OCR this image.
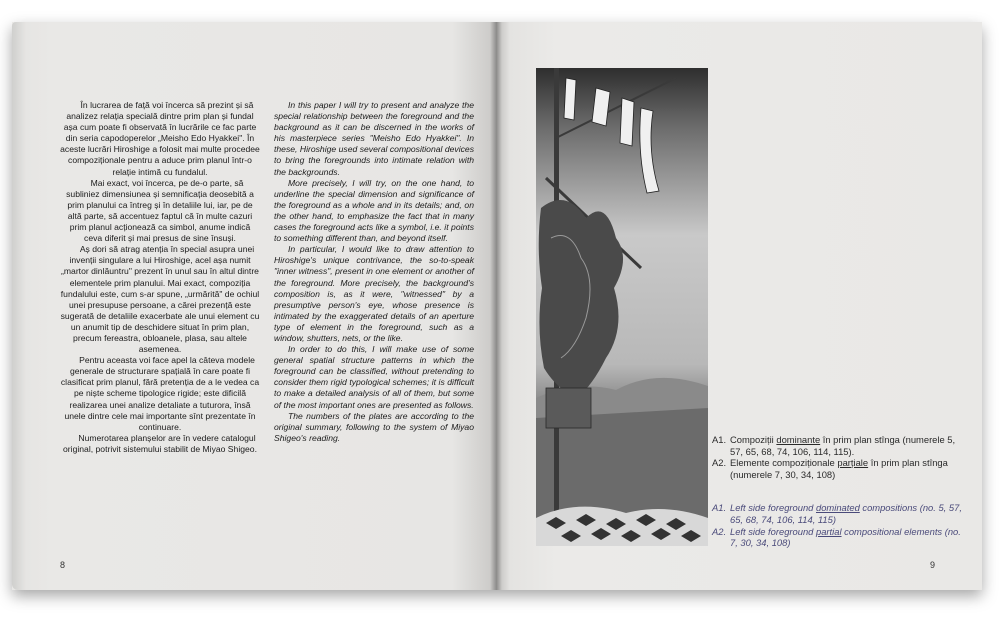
În lucrarea de față voi încerca să prezint și să analizez relația specială dintre prim plan și fundal așa cum poate fi observată în lucrările ce fac parte din seria capodoperelor „Meisho Edo Hyakkei". În aceste lucrări Hiroshige a folosit mai multe procedee compoziționale pentru a aduce prim planul într-o relație intimă cu fundalul.

Mai exact, voi încerca, pe de-o parte, să subliniez dimensiunea și semnificația deosebită a prim planului ca întreg și în detaliile lui, iar, pe de altă parte, să accentuez faptul că în multe cazuri prim planul acționează ca simbol, anume indică ceva diferit și mai presus de sine însuși.

Aș dori să atrag atenția în special asupra unei invenții singulare a lui Hiroshige, acel așa numit „martor dinlăuntru" prezent în unul sau în altul dintre elementele prim planului. Mai exact, compoziția fundalului este, cum s-ar spune, „urmărită" de ochiul unei presupuse persoane, a cărei prezență este sugerată de detaliile exacerbate ale unui element cu un anumit tip de deschidere situat în prim plan, precum fereastra, obloanele, plasa, sau altele asemenea.

Pentru aceasta voi face apel la câteva modele generale de structurare spațială în care poate fi clasificat prim planul, fără pretenția de a le vedea ca pe niște scheme tipologice rigide; este dificilă realizarea unei analize detaliate a tuturora, însă unele dintre cele mai importante sînt prezentate în continuare.

Numerotarea planșelor are în vedere catalogul original, potrivit sistemului stabilit de Miyao Shigeo.

In this paper I will try to present and analyze the special relationship between the foreground and the background as it can be discerned in the works of his masterpiece series "Meisho Edo Hyakkei". In these, Hiroshige used several compositional devices to bring the foregrounds into intimate relation with the backgrounds.

More precisely, I will try, on the one hand, to underline the special dimension and significance of the foreground as a whole and in its details; and, on the other hand, to emphasize the fact that in many cases the foreground acts like a symbol, i.e. it points to something different than, and beyond itself.

In particular, I would like to draw attention to Hiroshige's unique contrivance, the so-to-speak "inner witness", present in one element or another of the foreground. More precisely, the background's composition is, as it were, "witnessed" by a presumptive person's eye, whose presence is intimated by the exaggerated details of an aperture type of element in the foreground, such as a window, shutters, nets, or the like.

In order to do this, I will make use of some general spatial structure patterns in which the foreground can be classified, without pretending to consider them rigid typological schemes; it is difficult to make a detailed analysis of all of them, but some of the most important ones are presented as follows.

The numbers of the plates are according to the original summary, following to the system of Miyao Shigeo's reading.

8
A1. Compoziții dominante în prim plan stînga (numerele 5, 57, 65, 68, 74, 106, 114, 115).
A2. Elemente compoziționale parțiale în prim plan stînga (numerele 7, 30, 34, 108)
A1. Left side foreground dominated compositions (no. 5, 57, 65, 68, 74, 106, 114, 115)
A2. Left side foreground partial compositional elements (no. 7, 30, 34, 108)
9
